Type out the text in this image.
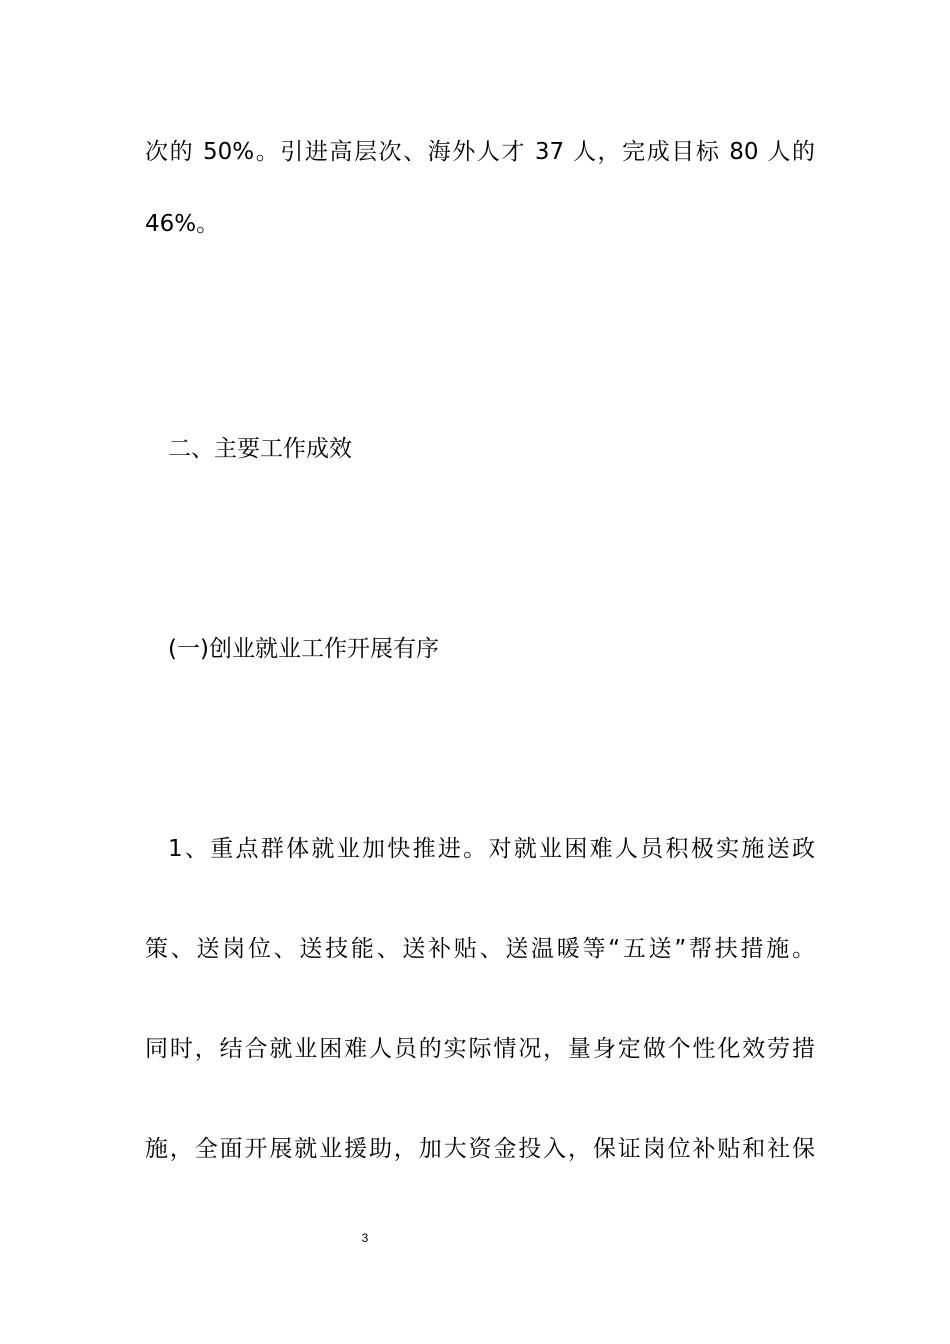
次的 50%。引进高层次、海外人才 37 人，完成目标 80 人的
46%。
二、主要工作成效
(一)创业就业工作开展有序
1、重点群体就业加快推进。对就业困难人员积极实施送政
策、送岗位、送技能、送补贴、送温暖等“五送”帮扶措施。
同时，结合就业困难人员的实际情况，量身定做个性化效劳措
施，全面开展就业援助，加大资金投入，保证岗位补贴和社保
3
